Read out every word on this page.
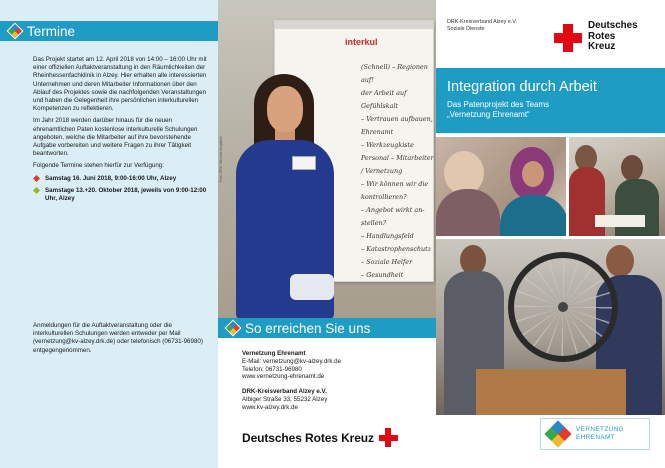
Termine

Das Projekt startet am 12. April 2018 von 14:00 – 16:00 Uhr mit einer offiziellen Auftaktveranstaltung in den Räumlichkeiten der Rheinhessenfachklinik in Alzey. Hier erhalten alle interessierten Unternehmen und deren Mitarbeiter Informationen über den Ablauf des Projektes sowie die nachfolgenden Veranstaltungen und haben die Gelegenheit ihre persönlichen interkulturellen Kompetenzen zu reflektieren.

Im Jahr 2018 werden darüber hinaus für die neuen ehrenamtlichen Paten kostenlose interkulturelle Schulungen angeboten, welche die Mitarbeiter auf ihre bevorstehende Aufgabe vorbereiten und weitere Fragen zu ihrer Tätigkeit beantworten.

Folgende Termine stehen hierfür zur Verfügung:

Samstag 16. Juni 2018, 9:00-16:00 Uhr, Alzey
Samstage 13.+20. Oktober 2018, jeweils von 9:00-12:00 Uhr, Alzey
Anmeldungen für die Auftaktveranstaltung oder die interkulturellen Schulungen werden entweder per Mail (vernetzung@kv-alzey.drk.de) oder telefonisch (06731-96980) entgegengenommen.
interkul
(Schnell) – Regionen auf!
der Arbeit auf Gefühlskalt
– Vertrauen aufbauen,
Ehrenamt
– Werkzeugkiste
Personal – Mitarbeiter / Vernetzung
– Wir können wir die
kontrollieren?
– Angebot wirkt an-
stellen?
– Handlungsfeld
– Katastrophenschutz
– Soziale Helfer
– Gesundheit
Foto: DRK / Michael Jungbluth
So erreichen Sie uns
Vernetzung Ehrenamt
E-Mail: vernetzung@kv-alzey.drk.de
Telefon: 06731-96980
www.vernetzung-ehrenamt.de
DRK-Kreisverband Alzey e.V.
Albiger Straße 33, 55232 Alzey
www.kv-alzey.drk.de
Deutsches Rotes Kreuz
DRK-Kreisverband Alzey e.V.
Soziale Dienste	Deutsches
Rotes
Kreuz
Integration durch Arbeit
Das Patenprojekt des Teams
„Vernetzung Ehrenamt“
VERNETZUNG
EHRENAMT
